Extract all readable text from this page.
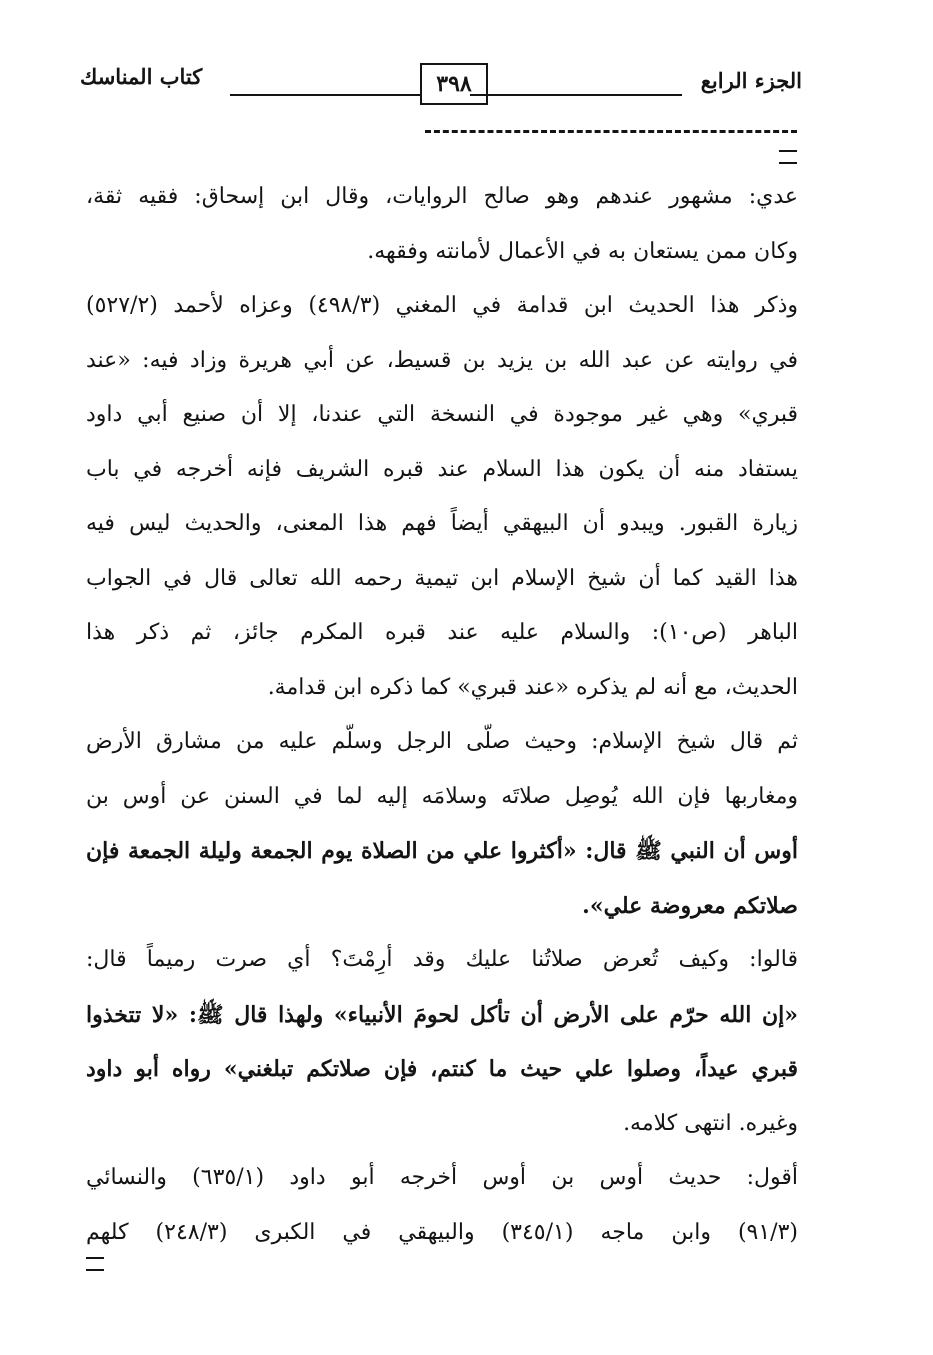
الجزء الرابع
٣٩٨
كتاب المناسك
عدي: مشهور عندهم وهو صالح الروايات، وقال ابن إسحاق: فقيه ثقة،
وكان ممن يستعان به في الأعمال لأمانته وفقهه.
وذكر هذا الحديث ابن قدامة في المغني (٤٩٨/٣) وعزاه لأحمد (٥٢٧/٢)
في روايته عن عبد الله بن يزيد بن قسيط، عن أبي هريرة وزاد فيه: «عند
قبري» وهي غير موجودة في النسخة التي عندنا، إلا أن صنيع أبي داود
يستفاد منه أن يكون هذا السلام عند قبره الشريف فإنه أخرجه في باب
زيارة القبور. ويبدو أن البيهقي أيضاً فهم هذا المعنى، والحديث ليس فيه
هذا القيد كما أن شيخ الإسلام ابن تيمية رحمه الله تعالى قال في الجواب
الباهر (ص١٠): والسلام عليه عند قبره المكرم جائز، ثم ذكر هذا
الحديث، مع أنه لم يذكره «عند قبري» كما ذكره ابن قدامة.
ثم قال شيخ الإسلام: وحيث صلّى الرجل وسلّم عليه من مشارق الأرض
ومغاربها فإن الله يُوصِل صلاتَه وسلامَه إليه لما في السنن عن أوس بن
أوس أن النبي ﷺ قال: «أكثروا علي من الصلاة يوم الجمعة وليلة الجمعة فإن
صلاتكم معروضة علي».
قالوا: وكيف تُعرض صلاتُنا عليك وقد أرِمْتَ؟ أي صرت رميماً قال:
«إن الله حرّم على الأرض أن تأكل لحومَ الأنبياء» ولهذا قال ﷺ: «لا تتخذوا
قبري عيداً، وصلوا علي حيث ما كنتم، فإن صلاتكم تبلغني» رواه أبو داود
وغيره. انتهى كلامه.
أقول: حديث أوس بن أوس أخرجه أبو داود (٦٣٥/١) والنسائي
(٩١/٣) وابن ماجه (٣٤٥/١) والبيهقي في الكبرى (٢٤٨/٣) كلهم
